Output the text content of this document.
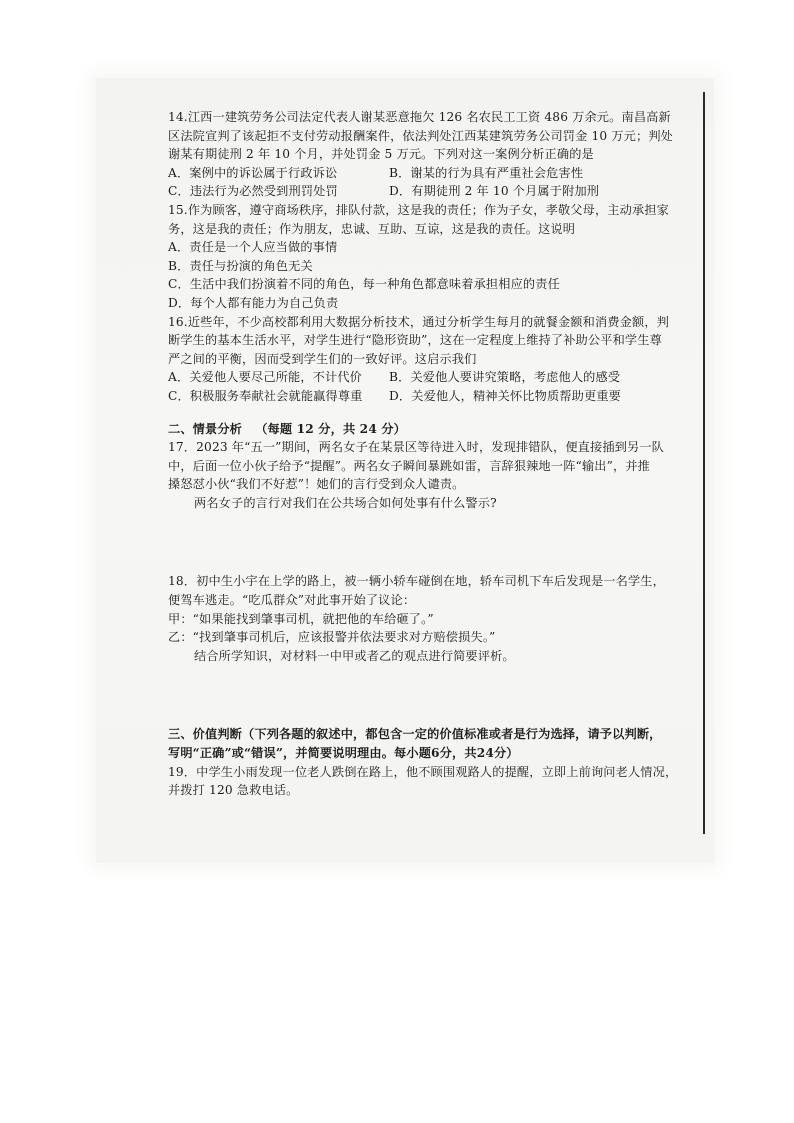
14.江西一建筑劳务公司法定代表人谢某恶意拖欠 126 名农民工工资 486 万余元。南昌高新

区法院宣判了该起拒不支付劳动报酬案件，依法判处江西某建筑劳务公司罚金 10 万元；判处

谢某有期徒刑 2 年 10 个月，并处罚金 5 万元。下列对这一案例分析正确的是

A．案例中的诉讼属于行政诉讼	B．谢某的行为具有严重社会危害性
C．违法行为必然受到刑罚处罚	D．有期徒刑 2 年 10 个月属于附加刑

15.作为顾客，遵守商场秩序，排队付款，这是我的责任；作为子女，孝敬父母，主动承担家

务，这是我的责任；作为朋友，忠诚、互助、互谅，这是我的责任。这说明

A．责任是一个人应当做的事情

B．责任与扮演的角色无关

C．生活中我们扮演着不同的角色，每一种角色都意味着承担相应的责任

D．每个人都有能力为自己负责

16.近些年，不少高校都利用大数据分析技术，通过分析学生每月的就餐金额和消费金额，判

断学生的基本生活水平，对学生进行“隐形资助”，这在一定程度上维持了补助公平和学生尊

严之间的平衡，因而受到学生们的一致好评。这启示我们

A．关爱他人要尽己所能，不计代价	B．关爱他人要讲究策略，考虑他人的感受
C．积极服务奉献社会就能赢得尊重	D．关爱他人，精神关怀比物质帮助更重要

二、情景分析 （每题 12 分，共 24 分）

17．2023 年“五一”期间，两名女子在某景区等待进入时，发现排错队，便直接插到另一队

中，后面一位小伙子给予“提醒”。两名女子瞬间暴跳如雷，言辞狠辣地一阵“输出”，并推

搡怒怼小伙“我们不好惹”！她们的言行受到众人谴责。

两名女子的言行对我们在公共场合如何处事有什么警示?

18．初中生小宇在上学的路上，被一辆小轿车碰倒在地，轿车司机下车后发现是一名学生，

便驾车逃走。“吃瓜群众”对此事开始了议论：

甲：“如果能找到肇事司机，就把他的车给砸了。”

乙：“找到肇事司机后，应该报警并依法要求对方赔偿损失。”

结合所学知识，对材料一中甲或者乙的观点进行简要评析。

三、价值判断（下列各题的叙述中，都包含一定的价值标准或者是行为选择，请予以判断，

写明“正确”或“错误”，并简要说明理由。每小题6分，共24分）

19．中学生小雨发现一位老人跌倒在路上，他不顾围观路人的提醒，立即上前询问老人情况，

并拨打 120 急救电话。
